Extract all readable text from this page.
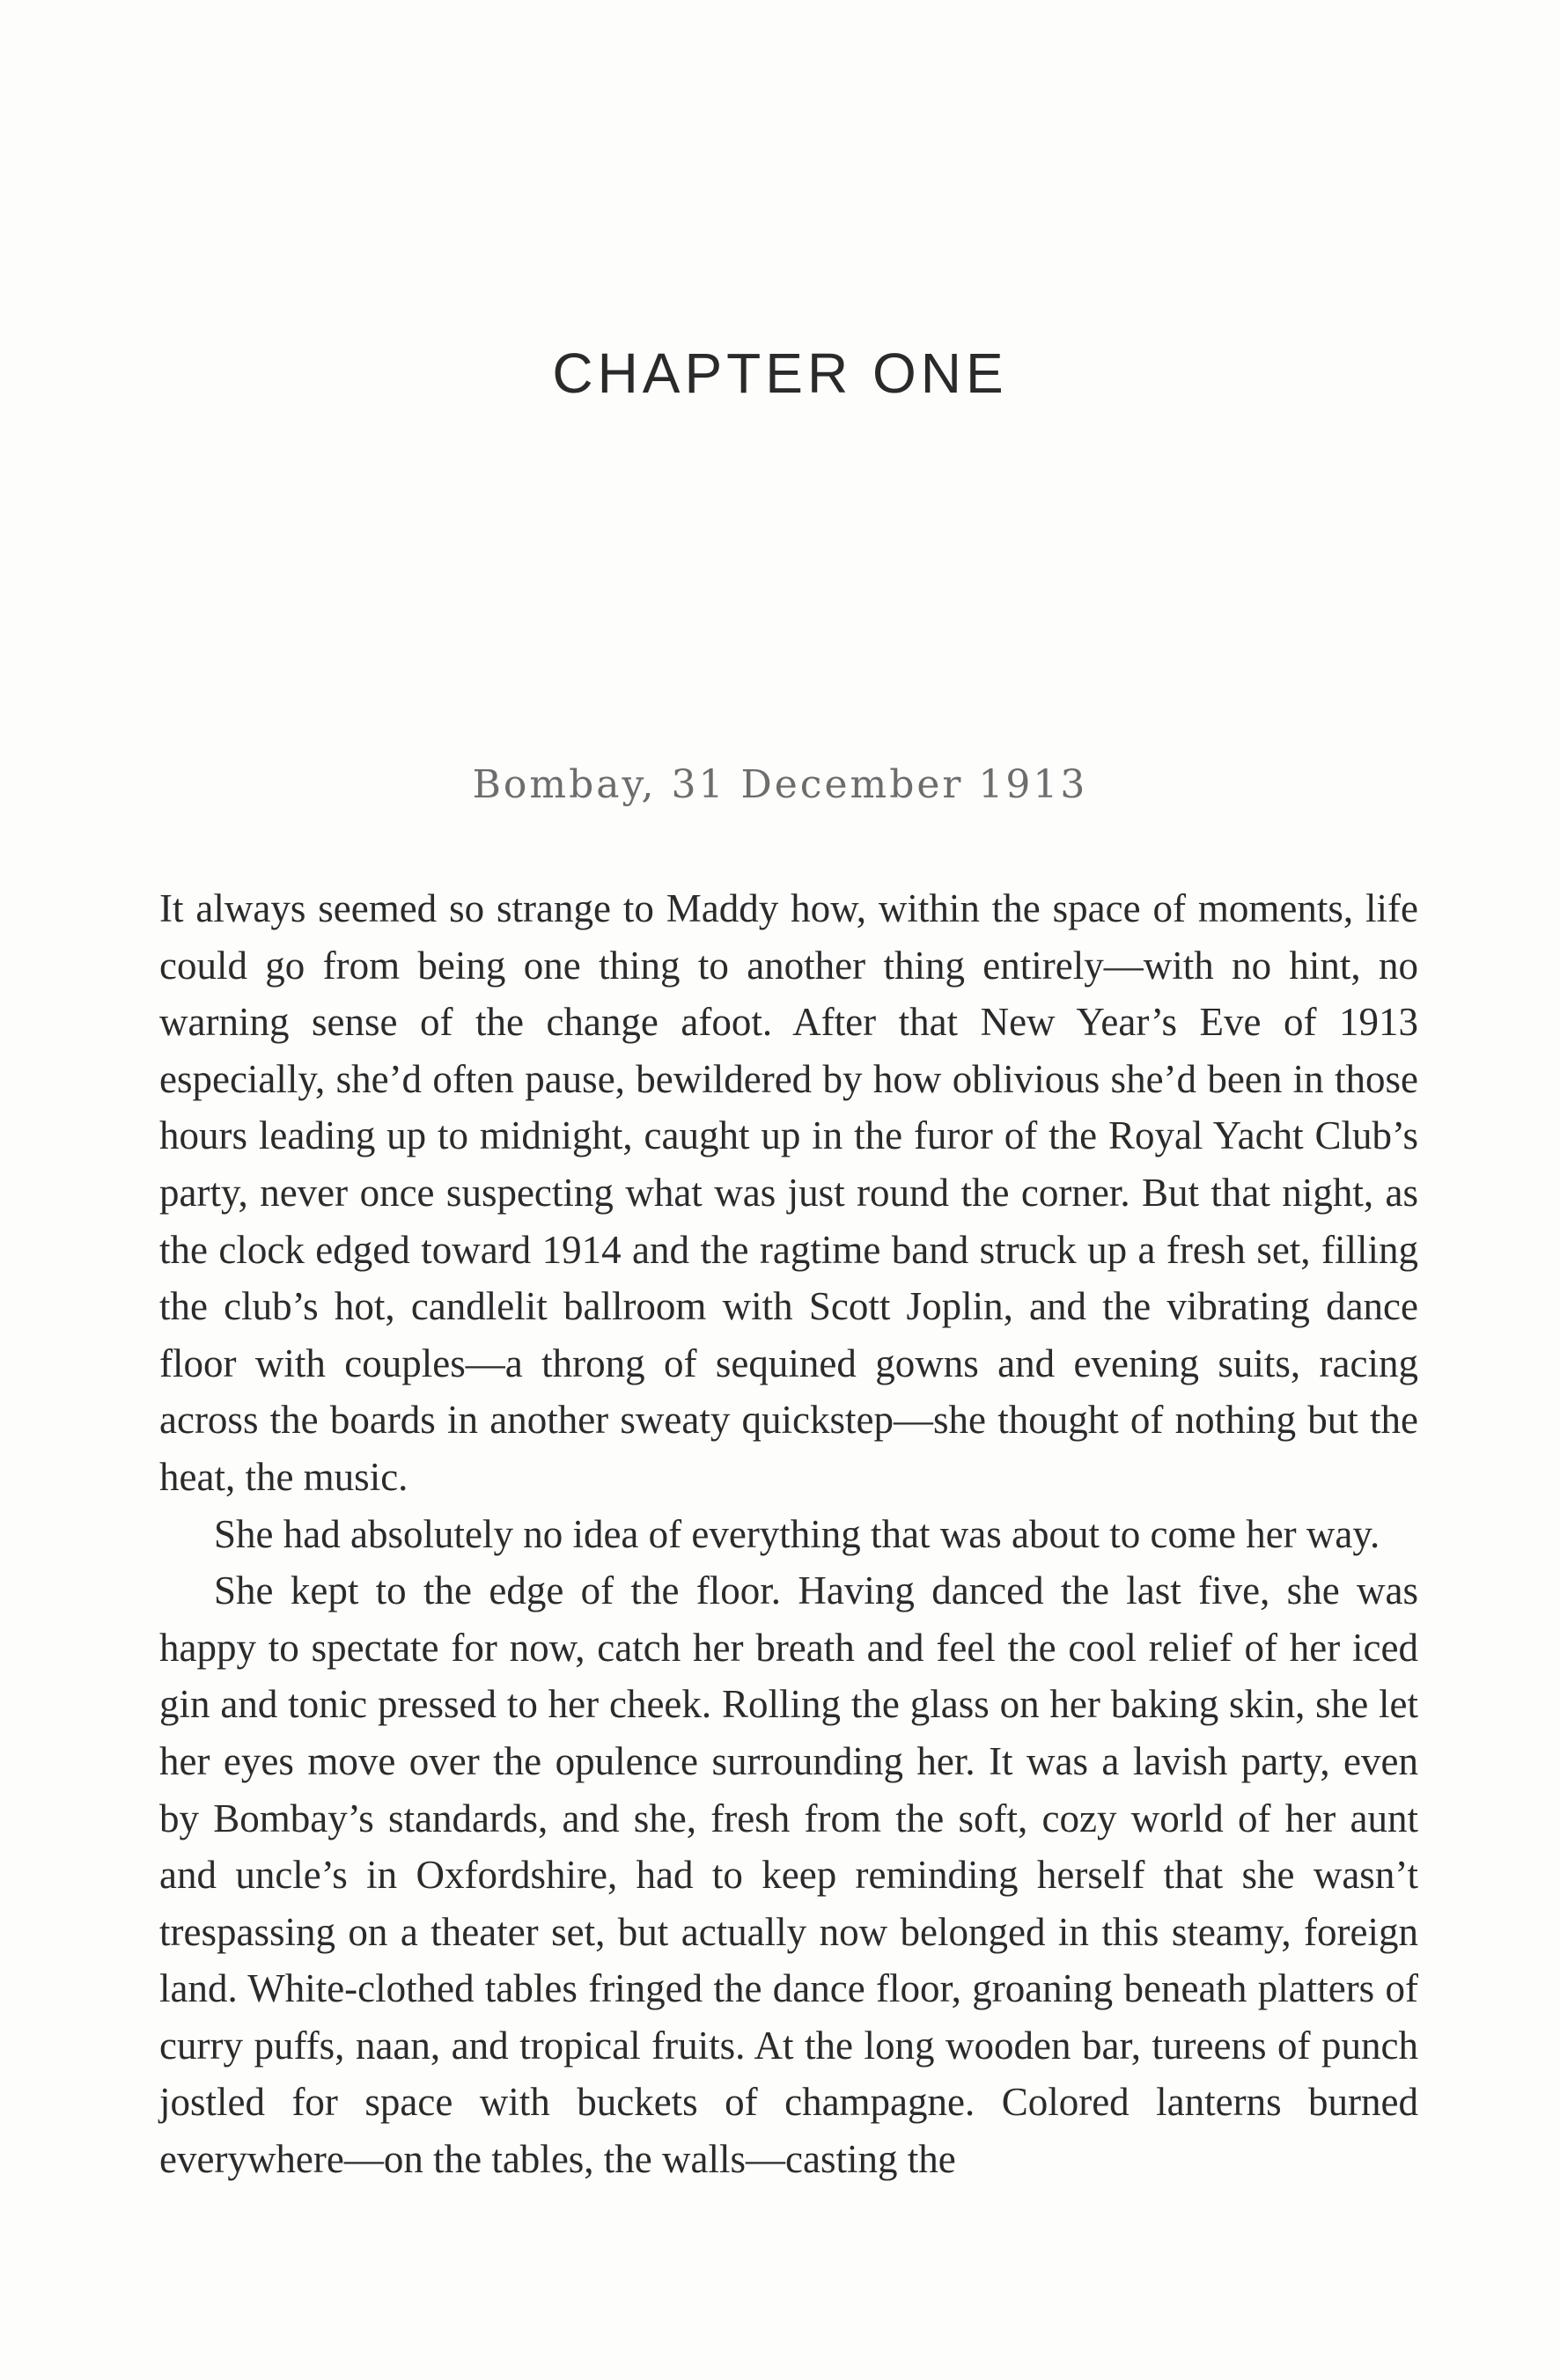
CHAPTER ONE
Bombay, 31 December 1913

It always seemed so strange to Maddy how, within the space of moments, life could go from being one thing to another thing entirely—with no hint, no warning sense of the change afoot. After that New Year’s Eve of 1913 especially, she’d often pause, bewildered by how oblivious she’d been in those hours leading up to midnight, caught up in the furor of the Royal Yacht Club’s party, never once suspecting what was just round the corner. But that night, as the clock edged toward 1914 and the ragtime band struck up a fresh set, filling the club’s hot, candlelit ballroom with Scott Joplin, and the vibrating dance floor with couples—a throng of sequined gowns and evening suits, racing across the boards in another sweaty quickstep—she thought of nothing but the heat, the music.

She had absolutely no idea of everything that was about to come her way.

She kept to the edge of the floor. Having danced the last five, she was happy to spectate for now, catch her breath and feel the cool relief of her iced gin and tonic pressed to her cheek. Rolling the glass on her baking skin, she let her eyes move over the opulence surrounding her. It was a lavish party, even by Bombay’s standards, and she, fresh from the soft, cozy world of her aunt and uncle’s in Oxfordshire, had to keep reminding herself that she wasn’t trespassing on a theater set, but actually now belonged in this steamy, foreign land. White-clothed tables fringed the dance floor, groaning beneath platters of curry puffs, naan, and tropical fruits. At the long wooden bar, tureens of punch jostled for space with buckets of champagne. Colored lanterns burned everywhere—on the tables, the walls—casting the
